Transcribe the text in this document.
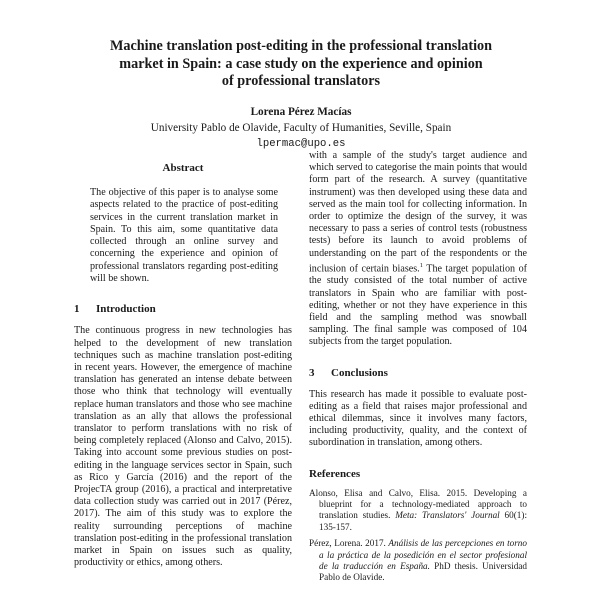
Machine translation post-editing in the professional translation
market in Spain: a case study on the experience and opinion
of professional translators
Lorena Pérez Macías
University Pablo de Olavide, Faculty of Humanities, Seville, Spain
lpermac@upo.es
Abstract

The objective of this paper is to analyse some aspects related to the practice of post-editing services in the current translation market in Spain. To this aim, some quantitative data collected through an online survey and concerning the experience and opinion of professional translators regarding post-editing will be shown.

1 Introduction

The continuous progress in new technologies has helped to the development of new translation techniques such as machine translation post-editing in recent years. However, the emergence of machine translation has generated an intense debate between those who think that technology will eventually replace human translators and those who see machine translation as an ally that allows the professional translator to perform translations with no risk of being completely replaced (Alonso and Calvo, 2015). Taking into account some previous studies on post-editing in the language services sector in Spain, such as Rico y García (2016) and the report of the ProjecTA group (2016), a practical and interpretative data collection study was carried out in 2017 (Pérez, 2017). The aim of this study was to explore the reality surrounding perceptions of machine translation post-editing in the professional translation market in Spain on issues such as quality, productivity or ethics, among others.

with a sample of the study's target audience and which served to categorise the main points that would form part of the research. A survey (quantitative instrument) was then developed using these data and served as the main tool for collecting information. In order to optimize the design of the survey, it was necessary to pass a series of control tests (robustness tests) before its launch to avoid problems of understanding on the part of the respondents or the inclusion of certain biases.$^1$ The target population of the study consisted of the total number of active translators in Spain who are familiar with post-editing, whether or not they have experience in this field and the sampling method was snowball sampling. The final sample was composed of 104 subjects from the target population.

3 Conclusions

This research has made it possible to evaluate post-editing as a field that raises major professional and ethical dilemmas, since it involves many factors, including productivity, quality, and the context of subordination in translation, among others.

References

Alonso, Elisa and Calvo, Elisa. 2015. Developing a blueprint for a technology-mediated approach to translation studies. Meta: Translators' Journal 60(1): 135-157.

Pérez, Lorena. 2017. Análisis de las percepciones en torno a la práctica de la posedición en el sector profesional de la traducción en España. PhD thesis. Universidad Pablo de Olavide.
